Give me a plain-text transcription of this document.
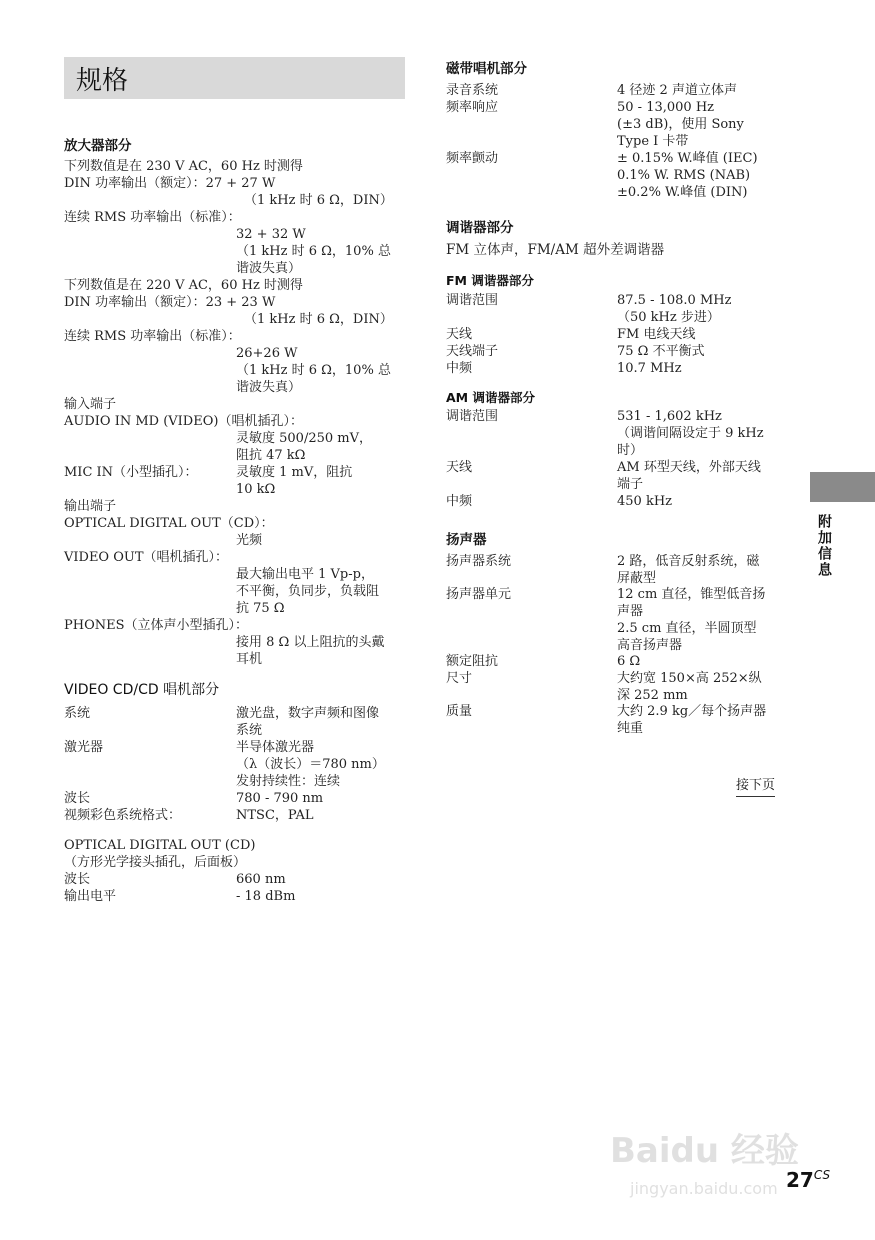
规格
放大器部分
下列数值是在 230 V AC，60 Hz 时测得
DIN 功率输出（额定）：27 + 27 W
（1 kHz 时 6 Ω，DIN）
连续 RMS 功率输出（标准）：
32 + 32 W
（1 kHz 时 6 Ω，10% 总
谐波失真）
下列数值是在 220 V AC，60 Hz 时测得
DIN 功率输出（额定）：23 + 23 W
（1 kHz 时 6 Ω，DIN）
连续 RMS 功率输出（标准）：
26+26 W
（1 kHz 时 6 Ω，10% 总
谐波失真）
输入端子
AUDIO IN MD (VIDEO)（唱机插孔）：
灵敏度 500/250 mV，
阻抗 47 kΩ
MIC IN（小型插孔）：	灵敏度 1 mV，阻抗
10 kΩ
输出端子
OPTICAL DIGITAL OUT（CD）：
光频
VIDEO OUT（唱机插孔）：
最大输出电平 1 Vp-p，
不平衡，负同步，负载阻
抗 75 Ω
PHONES（立体声小型插孔）：
接用 8 Ω 以上阻抗的头戴
耳机
VIDEO CD/CD 唱机部分
系统	激光盘，数字声频和图像
系统
激光器	半导体激光器
（λ（波长）＝780 nm）
发射持续性：连续
波长	780 - 790 nm
视频彩色系统格式：	NTSC，PAL
OPTICAL DIGITAL OUT (CD)
（方形光学接头插孔，后面板）
波长	660 nm
输出电平	- 18 dBm
磁带唱机部分
录音系统	4 径迹 2 声道立体声
频率响应	50 - 13,000 Hz
(±3 dB)，使用 Sony
Type I 卡带
频率颤动	± 0.15% W.峰值 (IEC)
0.1% W. RMS (NAB)
±0.2% W.峰值 (DIN)
调谐器部分
FM 立体声，FM/AM 超外差调谐器
FM 调谐器部分
调谐范围	87.5 - 108.0 MHz
（50 kHz 步进）
天线	FM 电线天线
天线端子	75 Ω 不平衡式
中频	10.7 MHz
AM 调谐器部分
调谐范围	531 - 1,602 kHz
（调谐间隔设定于 9 kHz
时）
天线	AM 环型天线，外部天线
端子
中频	450 kHz
扬声器
扬声器系统	2 路，低音反射系统，磁
屏蔽型
扬声器单元	12 cm 直径，锥型低音扬
声器
2.5 cm 直径，半圆顶型
高音扬声器
额定阻抗	6 Ω
尺寸	大约宽 150×高 252×纵
深 252 mm
质量	大约 2.9 kg／每个扬声器
纯重
接下页
附加信息
Baidu 经验
jingyan.baidu.com $27^{CS}$
